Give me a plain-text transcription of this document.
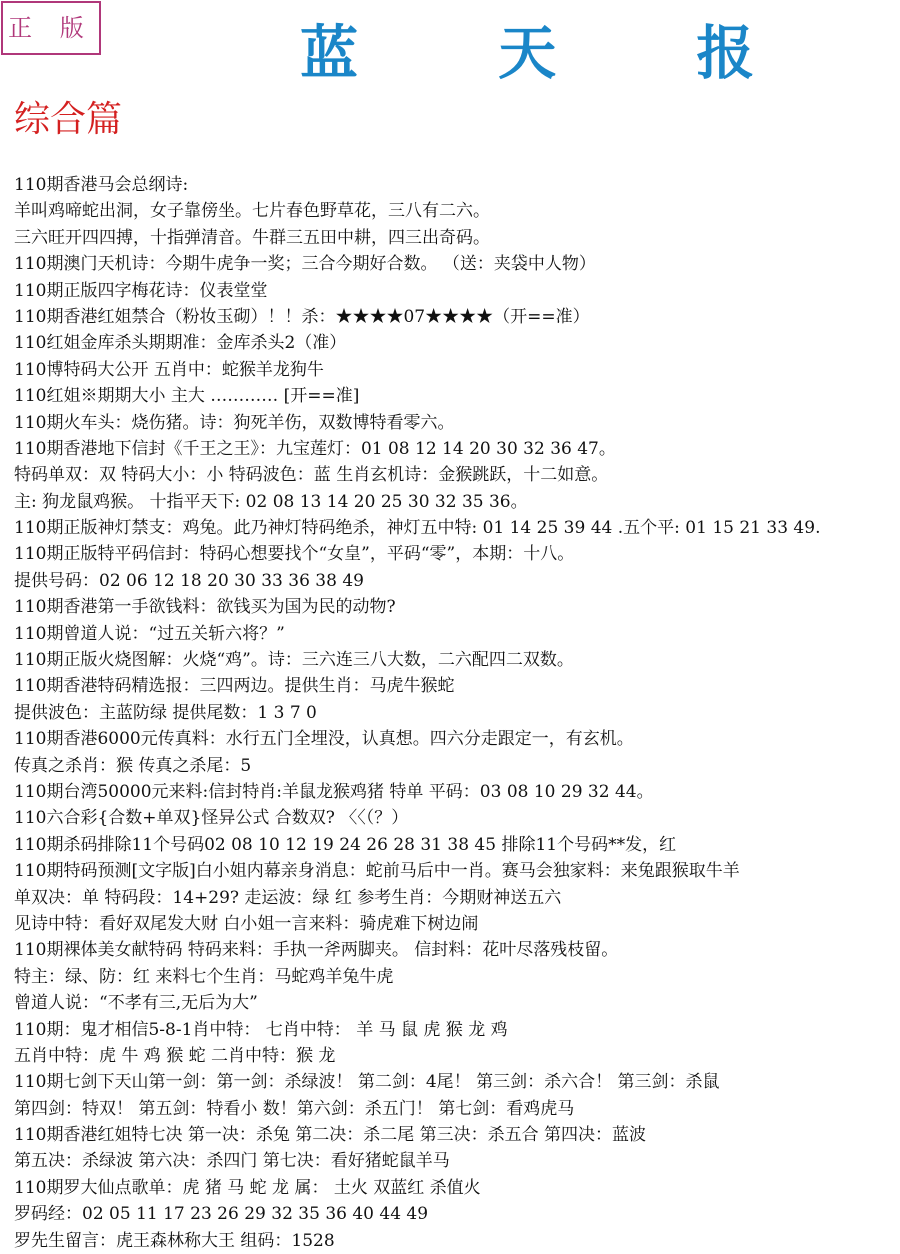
正 版	蓝 天 报
综合篇
110期香港马会总纲诗:
羊叫鸡啼蛇出洞，女子靠傍坐。七片春色野草花，三八有二六。
三六旺开四四搏，十指弹清音。牛群三五田中耕，四三出奇码。
110期澳门天机诗：今期牛虎争一奖；三合今期好合数。 （送：夹袋中人物）
110期正版四字梅花诗：仪表堂堂
110期香港红姐禁合（粉妆玉砌）！！杀：★★★★07★★★★（开==准）
110红姐金库杀头期期准：金库杀头2（准）
110博特码大公开 五肖中：蛇猴羊龙狗牛
110红姐※期期大小 主大 ………… [开==准]
110期火车头：烧伤猪。诗：狗死羊伤，双数博特看零六。
110期香港地下信封《千王之王》：九宝莲灯：01 08 12 14 20 30 32 36 47。
特码单双：双 特码大小：小 特码波色：蓝 生肖玄机诗：金猴跳跃，十二如意。
主: 狗龙鼠鸡猴。 十指平天下: 02 08 13 14 20 25 30 32 35 36。
110期正版神灯禁支：鸡兔。此乃神灯特码绝杀，神灯五中特: 01 14 25 39 44 .五个平: 01 15 21 33 49.
110期正版特平码信封：特码心想要找个“女皇”，平码“零”，本期：十八。
提供号码：02 06 12 18 20 30 33 36 38 49
110期香港第一手欲钱料：欲钱买为国为民的动物?
110期曾道人说：“过五关斩六将？”
110期正版火烧图解：火烧“鸡”。诗：三六连三八大数，二六配四二双数。
110期香港特码精选报：三四两边。提供生肖：马虎牛猴蛇
提供波色：主蓝防绿 提供尾数：1 3 7 0
110期香港6000元传真料：水行五门全埋没，认真想。四六分走跟定一，有玄机。
传真之杀肖：猴 传真之杀尾：5
110期台湾50000元来料:信封特肖:羊鼠龙猴鸡猪 特单 平码：03 08 10 29 32 44。
110六合彩{合数+单双}怪异公式 合数双? 〈〈（？）
110期杀码排除11个号码02 08 10 12 19 24 26 28 31 38 45 排除11个号码**发，红
110期特码预测[文字版]白小姐内幕亲身消息：蛇前马后中一肖。赛马会独家料：来兔跟猴取牛羊
单双决：单 特码段：14+29? 走运波：绿 红 参考生肖：今期财神送五六
见诗中特：看好双尾发大财 白小姐一言来料：骑虎难下树边闹
110期裸体美女献特码 特码来料：手执一斧两脚夹。 信封料：花叶尽落残枝留。
特主：绿、防：红 来料七个生肖：马蛇鸡羊兔牛虎
曾道人说：“不孝有三,无后为大”
110期：鬼才相信5-8-1肖中特： 七肖中特： 羊 马 鼠 虎 猴 龙 鸡
五肖中特：虎 牛 鸡 猴 蛇 二肖中特：猴 龙
110期七剑下天山第一剑：第一剑：杀绿波！ 第二剑：4尾！ 第三剑：杀六合！ 第三剑：杀鼠
第四剑：特双！ 第五剑：特看小 数！第六剑：杀五门！ 第七剑：看鸡虎马
110期香港红姐特七决 第一决：杀兔 第二决：杀二尾 第三决：杀五合 第四决：蓝波
第五决：杀绿波 第六决：杀四门 第七决：看好猪蛇鼠羊马
110期罗大仙点歌单：虎 猪 马 蛇 龙 属： 土火 双蓝红 杀值火
罗码经：02 05 11 17 23 26 29 32 35 36 40 44 49
罗先生留言：虎王森林称大王 组码：1528
